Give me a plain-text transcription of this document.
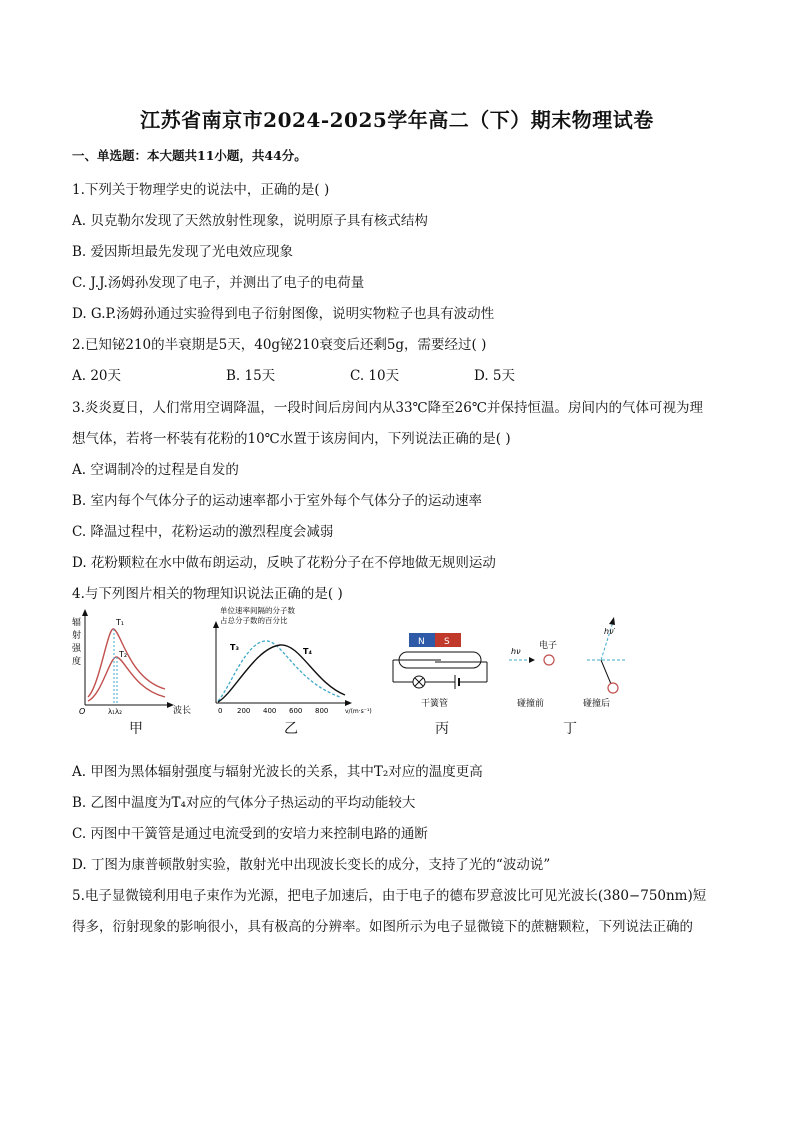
江苏省南京市2024-2025学年高二（下）期末物理试卷
一、单选题：本大题共11小题，共44分。
1.下列关于物理学史的说法中，正确的是( )
A. 贝克勒尔发现了天然放射性现象，说明原子具有核式结构
B. 爱因斯坦最先发现了光电效应现象
C. J.J.汤姆孙发现了电子，并测出了电子的电荷量
D. G.P.汤姆孙通过实验得到电子衍射图像，说明实物粒子也具有波动性
2.已知铋210的半衰期是5天，40g铋210衰变后还剩5g，需要经过( )
A. 20天	B. 15天	C. 10天	D. 5天
3.炎炎夏日，人们常用空调降温，一段时间后房间内从33℃降至26℃并保持恒温。房间内的气体可视为理
想气体，若将一杯装有花粉的10℃水置于该房间内，下列说法正确的是( )
A. 空调制冷的过程是自发的
B. 室内每个气体分子的运动速率都小于室外每个气体分子的运动速率
C. 降温过程中，花粉运动的激烈程度会减弱
D. 花粉颗粒在水中做布朗运动，反映了花粉分子在不停地做无规则运动
4.与下列图片相关的物理知识说法正确的是( )
辐
射
强
度
T₁
T₂
λ₁λ₂
O	波长
甲
单位速率间隔的分子数
占总分子数的百分比
T₃	T₄
0 200 400 600 800	v/(m·s⁻¹)
乙
N S
干簧管
丙
hν
电子
碰撞前
hν′
碰撞后
丁
A. 甲图为黑体辐射强度与辐射光波长的关系，其中T₂对应的温度更高
B. 乙图中温度为T₄对应的气体分子热运动的平均动能较大
C. 丙图中干簧管是通过电流受到的安培力来控制电路的通断
D. 丁图为康普顿散射实验，散射光中出现波长变长的成分，支持了光的“波动说”
5.电子显微镜利用电子束作为光源，把电子加速后，由于电子的德布罗意波比可见光波长(380−750nm)短
得多，衍射现象的影响很小，具有极高的分辨率。如图所示为电子显微镜下的蔗糖颗粒，下列说法正确的
